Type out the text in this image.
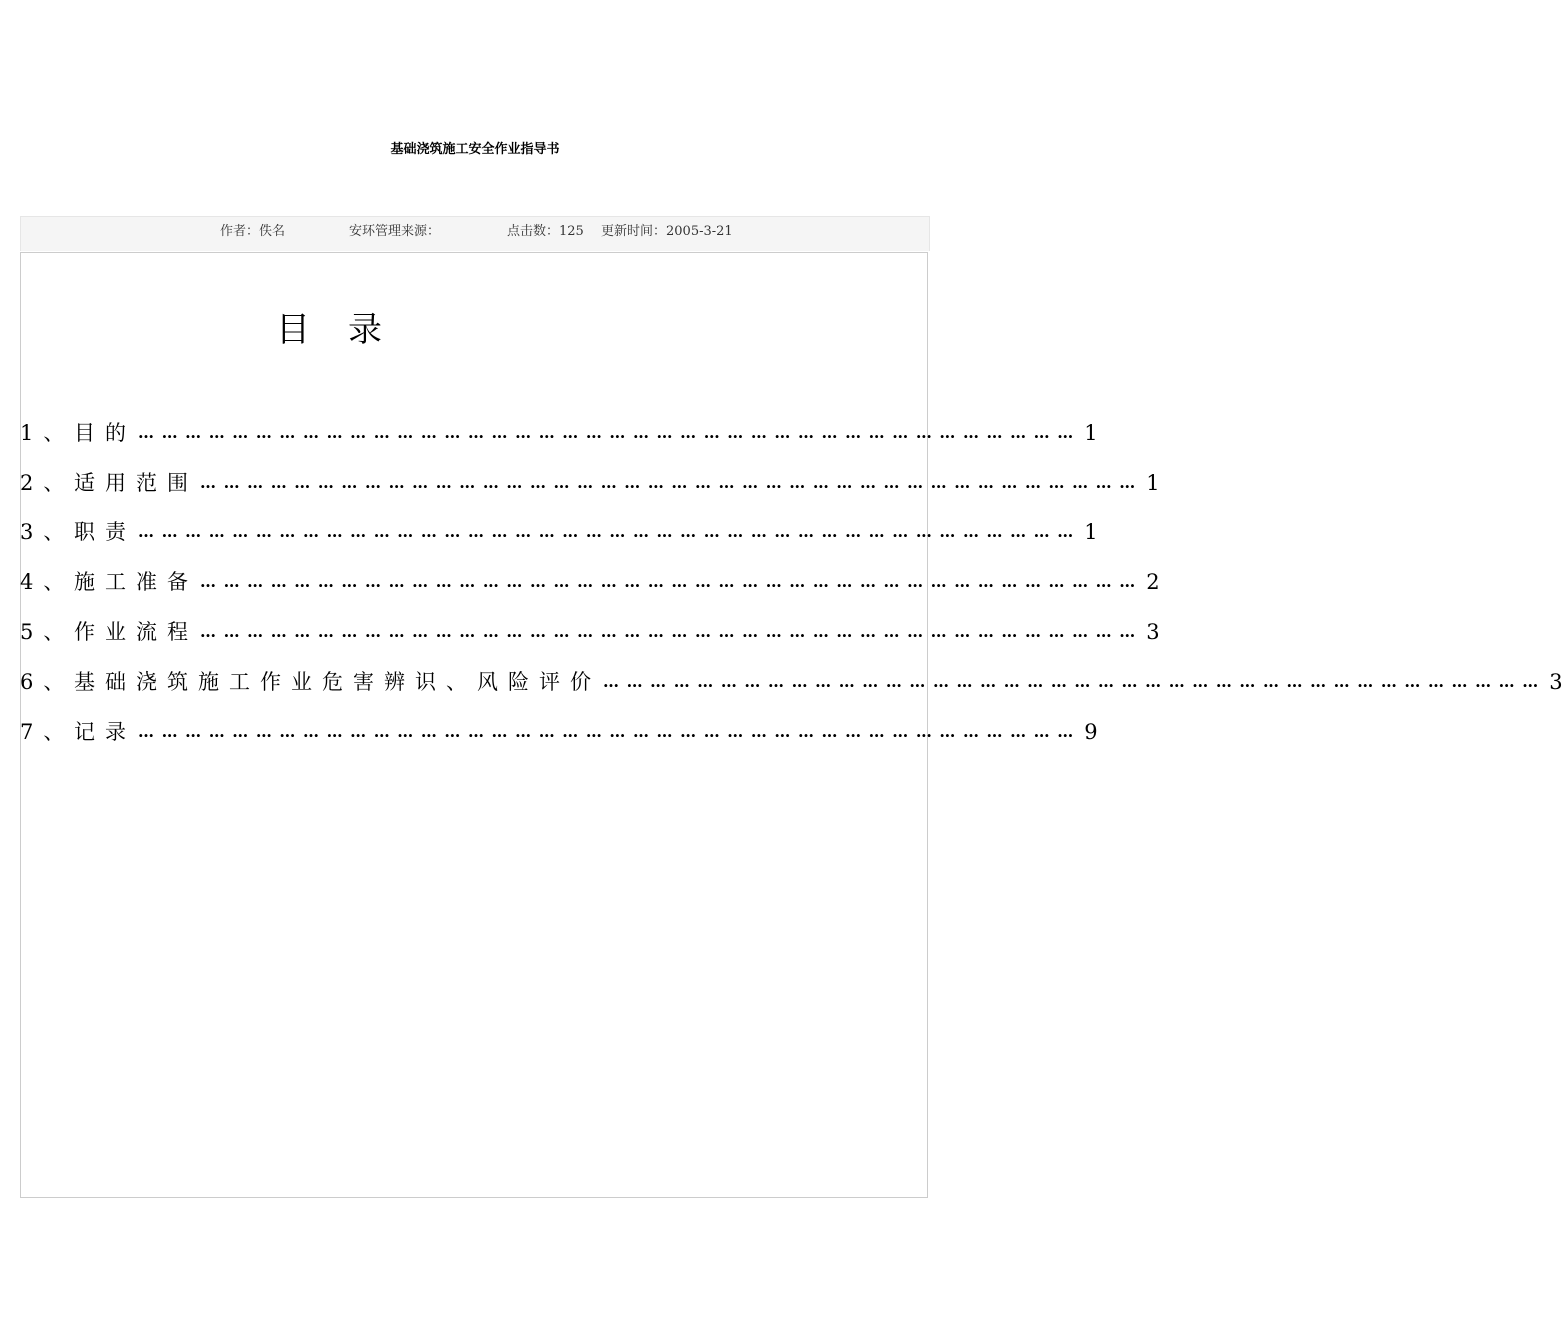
基础浇筑施工安全作业指导书
作者：佚名	安环管理来源：	点击数：125 更新时间：2005-3-21
目录
1、 目的 … … … … … … … … … … … … … … … … … … … … … … … … … … … … … … … … … … … … … … … … 1
2、 适用范围 … … … … … … … … … … … … … … … … … … … … … … … … … … … … … … … … … … … … … … … … 1
3、 职责 … … … … … … … … … … … … … … … … … … … … … … … … … … … … … … … … … … … … … … … … 1
4、 施工准备 … … … … … … … … … … … … … … … … … … … … … … … … … … … … … … … … … … … … … … … … 2
5、 作业流程 … … … … … … … … … … … … … … … … … … … … … … … … … … … … … … … … … … … … … … … … 3
6、 基础浇筑施工作业危害辨识、风险评价 … … … … … … … … … … … … … … … … … … … … … … … … … … … … … … … … … … … … … … … … 3
7、 记录 … … … … … … … … … … … … … … … … … … … … … … … … … … … … … … … … … … … … … … … … 9
